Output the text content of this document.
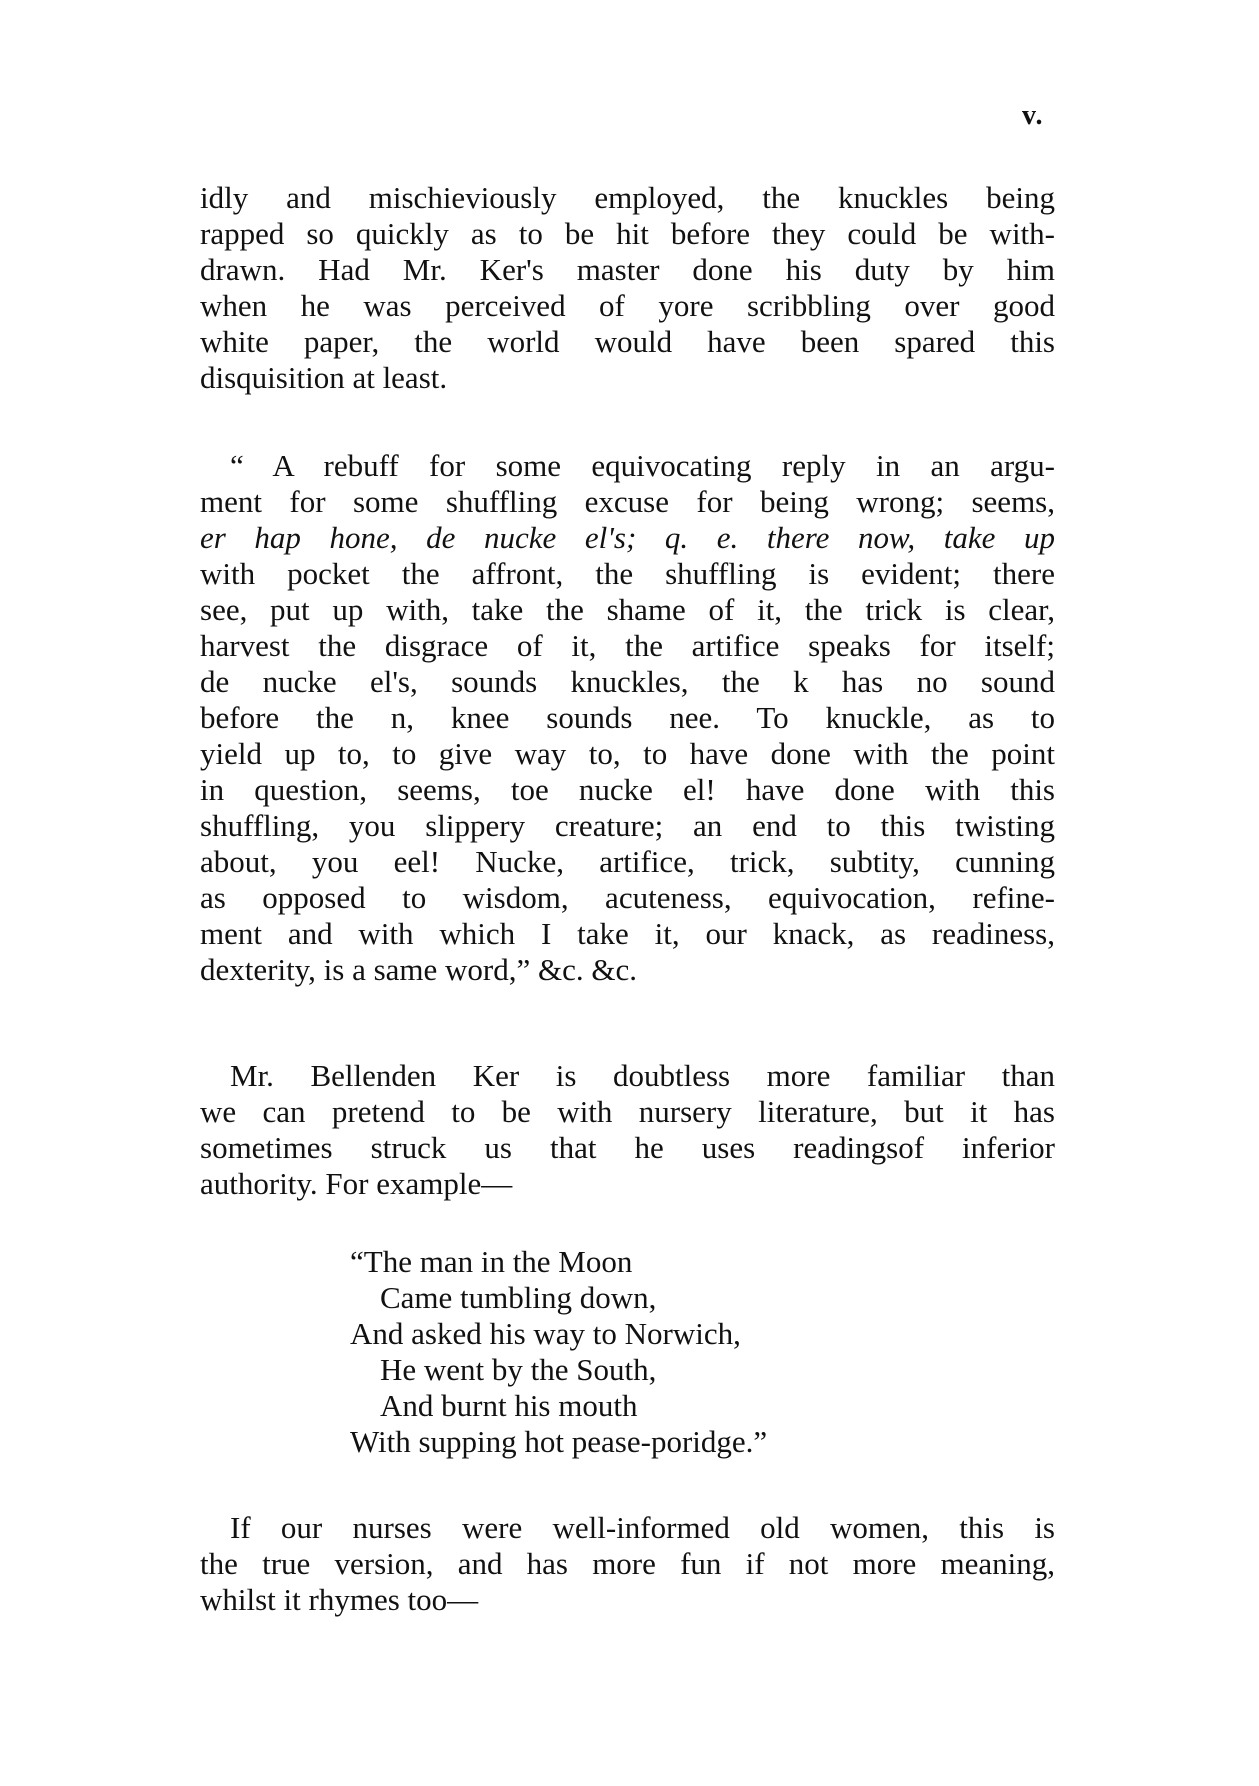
v.
idly and mischieviously employed, the knuckles being
rapped so quickly as to be hit before they could be with-
drawn. Had Mr. Ker's master done his duty by him
when he was perceived of yore scribbling over good
white paper, the world would have been spared this
disquisition at least.
“ A rebuff for some equivocating reply in an argu-
ment for some shuffling excuse for being wrong; seems,
er hap hone, de nucke el's; q. e. there now, take up
with pocket the affront, the shuffling is evident; there
see, put up with, take the shame of it, the trick is clear,
harvest the disgrace of it, the artifice speaks for itself;
de nucke el's, sounds knuckles, the k has no sound
before the n, knee sounds nee. To knuckle, as to
yield up to, to give way to, to have done with the point
in question, seems, toe nucke el! have done with this
shuffling, you slippery creature; an end to this twisting
about, you eel! Nucke, artifice, trick, subtity, cunning
as opposed to wisdom, acuteness, equivocation, refine-
ment and with which I take it, our knack, as readiness,
dexterity, is a same word,” &c. &c.
Mr. Bellenden Ker is doubtless more familiar than
we can pretend to be with nursery literature, but it has
sometimes struck us that he uses readingsof inferior
authority. For example—
“The man in the Moon
Came tumbling down,
And asked his way to Norwich,
He went by the South,
And burnt his mouth
With supping hot pease-poridge.”
If our nurses were well-informed old women, this is
the true version, and has more fun if not more meaning,
whilst it rhymes too—
